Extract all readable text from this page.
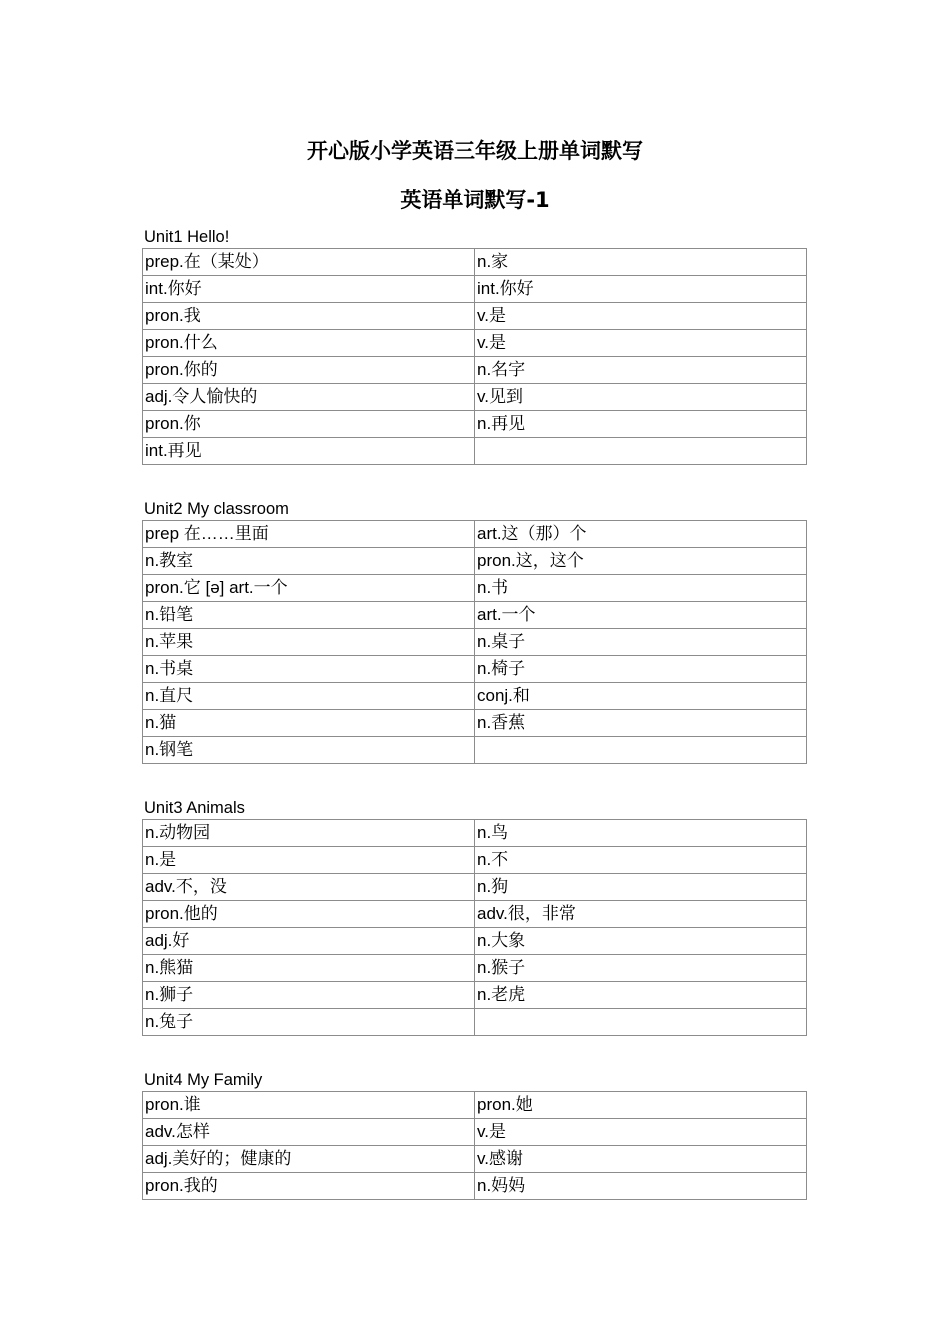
开心版小学英语三年级上册单词默写
英语单词默写-1
Unit1 Hello!
prep.在（某处）	n.家
int.你好	int.你好
pron.我	v.是
pron.什么	v.是
pron.你的	n.名字
adj.令人愉快的	v.见到
pron.你	n.再见
int.再见	
Unit2 My classroom
prep 在……里面	art.这（那）个
n.教室	pron.这，这个
pron.它 [ə] art.一个	n.书
n.铅笔	art.一个
n.苹果	n.桌子
n.书桌	n.椅子
n.直尺	conj.和
n.猫	n.香蕉
n.钢笔	
Unit3 Animals
n.动物园	n.鸟
n.是	n.不
adv.不，没	n.狗
pron.他的	adv.很，非常
adj.好	n.大象
n.熊猫	n.猴子
n.狮子	n.老虎
n.兔子	
Unit4 My Family
pron.谁	pron.她
adv.怎样	v.是
adj.美好的；健康的	v.感谢
pron.我的	n.妈妈
